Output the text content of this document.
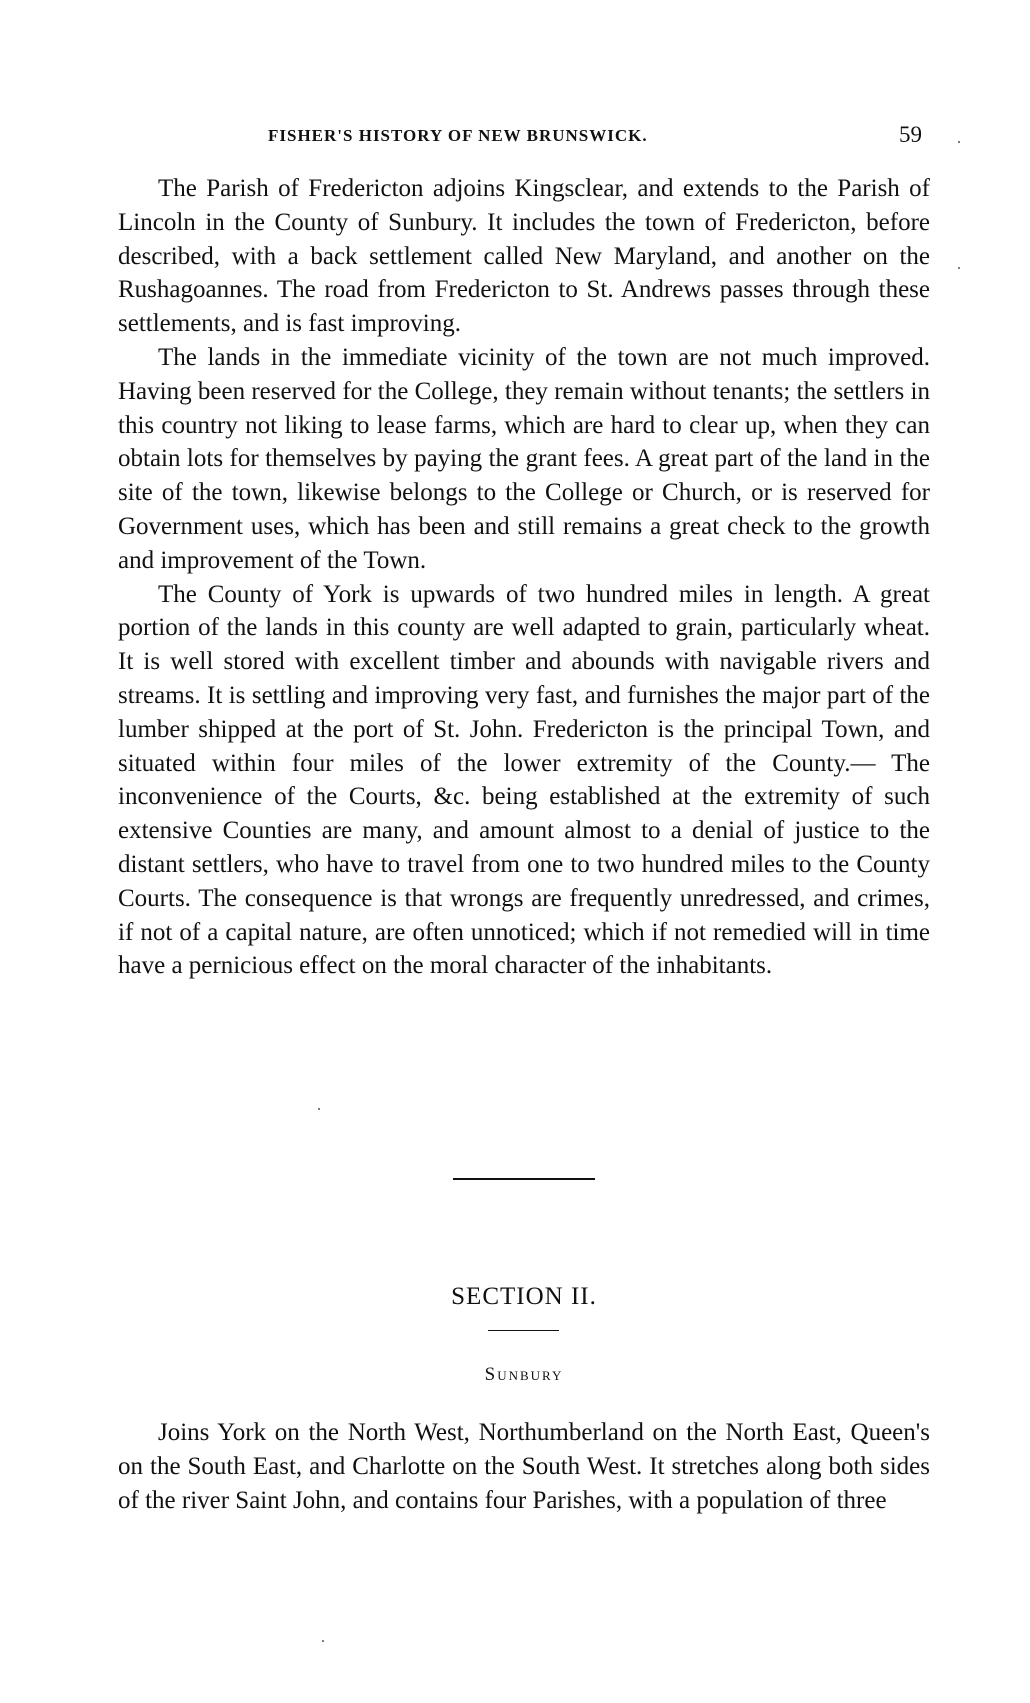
FISHER'S HISTORY OF NEW BRUNSWICK.	59

The Parish of Fredericton adjoins Kingsclear, and extends to the Parish of Lincoln in the County of Sunbury. It includes the town of Fredericton, before described, with a back settlement called New Maryland, and another on the Rushagoannes. The road from Fredericton to St. Andrews passes through these settlements, and is fast improving.

The lands in the immediate vicinity of the town are not much improved. Having been reserved for the College, they remain without tenants; the settlers in this country not liking to lease farms, which are hard to clear up, when they can obtain lots for themselves by paying the grant fees. A great part of the land in the site of the town, likewise belongs to the College or Church, or is reserved for Government uses, which has been and still remains a great check to the growth and improvement of the Town.

The County of York is upwards of two hundred miles in length. A great portion of the lands in this county are well adapted to grain, particularly wheat. It is well stored with excellent timber and abounds with navigable rivers and streams. It is settling and improving very fast, and furnishes the major part of the lumber shipped at the port of St. John. Fredericton is the principal Town, and situated within four miles of the lower extremity of the County.— The inconvenience of the Courts, &c. being established at the extremity of such extensive Counties are many, and amount almost to a denial of justice to the distant settlers, who have to travel from one to two hundred miles to the County Courts. The consequence is that wrongs are frequently unredressed, and crimes, if not of a capital nature, are often unnoticed; which if not remedied will in time have a pernicious effect on the moral character of the inhabitants.

SECTION II.
Sunbury

Joins York on the North West, Northumberland on the North East, Queen's on the South East, and Charlotte on the South West. It stretches along both sides of the river Saint John, and contains four Parishes, with a population of three
